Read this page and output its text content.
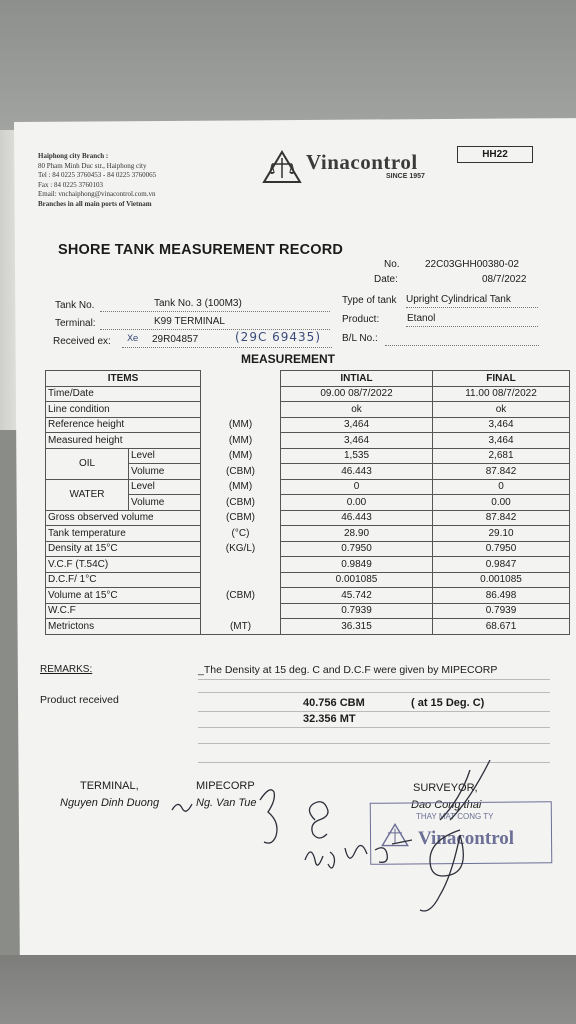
Haiphong city Branch :
80 Pham Minh Duc str., Haiphong city
Tel : 84 0225 3760453 - 84 0225 3760065
Fax : 84 0225 3760103
Email: vnchaiphong@vinacontrol.com.vn
Branches in all main ports of Vietnam
Vinacontrol
SINCE 1957
HH22
SHORE TANK MEASUREMENT RECORD
No.	22C03GHH00380-02
Date:	08/7/2022
Tank No.	Tank No. 3 (100M3)	Type of tank Upright Cylindrical Tank
Terminal:	K99 TERMINAL	Product:	Etanol
Received ex: Xe 29R04857	(29C 69435) B/L No.:
MEASUREMENT
ITEMS			INTIAL	FINAL
Time/Date			09.00 08/7/2022	11.00 08/7/2022
Line condition			ok	ok
Reference height		(MM)	3,464	3,464
Measured height		(MM)	3,464	3,464
OIL	Level	(MM)	1,535	2,681
	Volume	(CBM)	46.443	87.842
WATER	Level	(MM)	0	0
	Volume	(CBM)	0.00	0.00
Gross observed volume		(CBM)	46.443	87.842
Tank temperature		(°C)	28.90	29.10
Density at 15°C		(KG/L)	0.7950	0.7950
V.C.F (T.54C)			0.9849	0.9847
D.C.F/ 1°C			0.001085	0.001085
Volume at 15°C		(CBM)	45.742	86.498
W.C.F			0.7939	0.7939
Metrictons		(MT)	36.315	68.671
REMARKS:	_The Density at 15 deg. C and D.C.F were given by MIPECORP
Product received	40.756 CBM	( at 15 Deg. C)
32.356 MT
TERMINAL,
Nguyen Dinh Duong
MIPECORP
Ng. Van Tue
SURVEYOR,
Dao Cong thai
THAY MAT CONG TY
Vinacontrol
